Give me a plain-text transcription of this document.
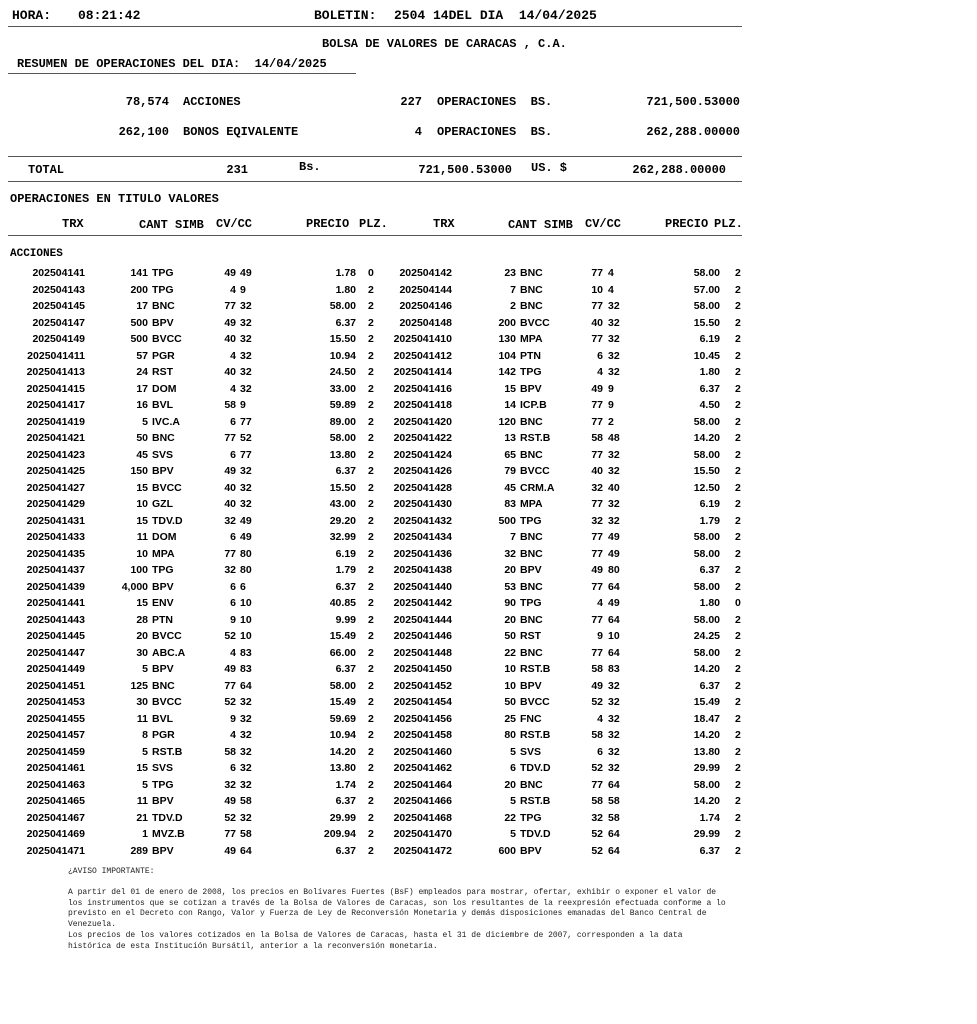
HORA: 08:21:42	BOLETIN: 2504 14DEL DIA  14/04/2025
BOLSA DE VALORES DE CARACAS , C.A.
RESUMEN DE OPERACIONES DEL DIA:  14/04/2025
78,574 ACCIONES	227 OPERACIONES  BS.	721,500.53000
262,100 BONOS EQIVALENTE	4 OPERACIONES  BS.	262,288.00000
TOTAL	231	Bs.	721,500.53000 US. $	262,288.00000
OPERACIONES EN TITULO VALORES
TRX	CANT SIMB CV/CC	PRECIO PLZ.	TRX	CANT SIMB CV/CC	PRECIO PLZ.
ACCIONES
202504141	141 TPG	49 49	1.78 0	202504142	23 BNC	77 4	58.00 2
202504143	200 TPG	4 9	1.80 2	202504144	7 BNC	10 4	57.00 2
202504145	17 BNC	77 32	58.00 2	202504146	2 BNC	77 32	58.00 2
202504147	500 BPV	49 32	6.37 2	202504148	200 BVCC	40 32	15.50 2
202504149	500 BVCC	40 32	15.50 2	2025041410	130 MPA	77 32	6.19 2
2025041411	57 PGR	4 32	10.94 2	2025041412	104 PTN	6 32	10.45 2
2025041413	24 RST	40 32	24.50 2	2025041414	142 TPG	4 32	1.80 2
2025041415	17 DOM	4 32	33.00 2	2025041416	15 BPV	49 9	6.37 2
2025041417	16 BVL	58 9	59.89 2	2025041418	14 ICP.B	77 9	4.50 2
2025041419	5 IVC.A	6 77	89.00 2	2025041420	120 BNC	77 2	58.00 2
2025041421	50 BNC	77 52	58.00 2	2025041422	13 RST.B	58 48	14.20 2
2025041423	45 SVS	6 77	13.80 2	2025041424	65 BNC	77 32	58.00 2
2025041425	150 BPV	49 32	6.37 2	2025041426	79 BVCC	40 32	15.50 2
2025041427	15 BVCC	40 32	15.50 2	2025041428	45 CRM.A	32 40	12.50 2
2025041429	10 GZL	40 32	43.00 2	2025041430	83 MPA	77 32	6.19 2
2025041431	15 TDV.D	32 49	29.20 2	2025041432	500 TPG	32 32	1.79 2
2025041433	11 DOM	6 49	32.99 2	2025041434	7 BNC	77 49	58.00 2
2025041435	10 MPA	77 80	6.19 2	2025041436	32 BNC	77 49	58.00 2
2025041437	100 TPG	32 80	1.79 2	2025041438	20 BPV	49 80	6.37 2
2025041439	4,000 BPV	6 6	6.37 2	2025041440	53 BNC	77 64	58.00 2
2025041441	15 ENV	6 10	40.85 2	2025041442	90 TPG	4 49	1.80 0
2025041443	28 PTN	9 10	9.99 2	2025041444	20 BNC	77 64	58.00 2
2025041445	20 BVCC	52 10	15.49 2	2025041446	50 RST	9 10	24.25 2
2025041447	30 ABC.A	4 83	66.00 2	2025041448	22 BNC	77 64	58.00 2
2025041449	5 BPV	49 83	6.37 2	2025041450	10 RST.B	58 83	14.20 2
2025041451	125 BNC	77 64	58.00 2	2025041452	10 BPV	49 32	6.37 2
2025041453	30 BVCC	52 32	15.49 2	2025041454	50 BVCC	52 32	15.49 2
2025041455	11 BVL	9 32	59.69 2	2025041456	25 FNC	4 32	18.47 2
2025041457	8 PGR	4 32	10.94 2	2025041458	80 RST.B	58 32	14.20 2
2025041459	5 RST.B	58 32	14.20 2	2025041460	5 SVS	6 32	13.80 2
2025041461	15 SVS	6 32	13.80 2	2025041462	6 TDV.D	52 32	29.99 2
2025041463	5 TPG	32 32	1.74 2	2025041464	20 BNC	77 64	58.00 2
2025041465	11 BPV	49 58	6.37 2	2025041466	5 RST.B	58 58	14.20 2
2025041467	21 TDV.D	52 32	29.99 2	2025041468	22 TPG	32 58	1.74 2
2025041469	1 MVZ.B	77 58	209.94 2	2025041470	5 TDV.D	52 64	29.99 2
2025041471	289 BPV	49 64	6.37 2	2025041472	600 BPV	52 64	6.37 2

¿AVISO IMPORTANTE:

A partir del 01 de enero de 2008, los precios en Bolívares Fuertes (BsF) empleados para mostrar, ofertar, exhibir o exponer el valor de

los instrumentos que se cotizan a través de la Bolsa de Valores de Caracas, son los resultantes de la reexpresión efectuada conforme a lo

previsto en el Decreto con Rango, Valor y Fuerza de Ley de Reconversión Monetaria y demás disposiciones emanadas del Banco Central de

Venezuela.

Los precios de los valores cotizados en la Bolsa de Valores de Caracas, hasta el 31 de diciembre de 2007, corresponden a la data

histórica de esta Institución Bursátil, anterior a la reconversión monetaria.
